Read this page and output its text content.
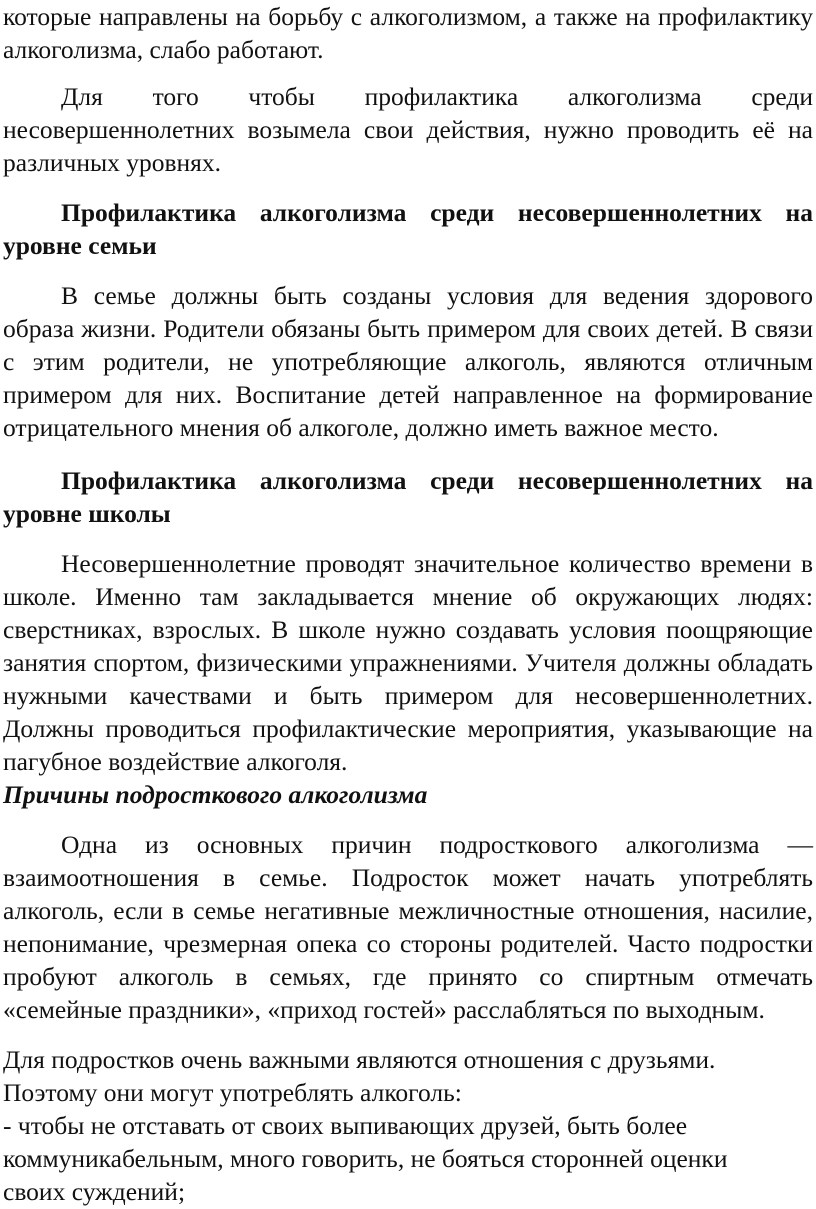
которые направлены на борьбу с алкоголизмом, а также на профилактику алкоголизма, слабо работают.

Для того чтобы профилактика алкоголизма среди несовершеннолетних возымела свои действия, нужно проводить её на различных уровнях.

Профилактика алкоголизма среди несовершеннолетних на уровне семьи

В семье должны быть созданы условия для ведения здорового образа жизни. Родители обязаны быть примером для своих детей. В связи с этим родители, не употребляющие алкоголь, являются отличным примером для них. Воспитание детей направленное на формирование отрицательного мнения об алкоголе, должно иметь важное место.

Профилактика алкоголизма среди несовершеннолетних на уровне школы

Несовершеннолетние проводят значительное количество времени в школе. Именно там закладывается мнение об окружающих людях: сверстниках, взрослых. В школе нужно создавать условия поощряющие занятия спортом, физическими упражнениями. Учителя должны обладать нужными качествами и быть примером для несовершеннолетних. Должны проводиться профилактические мероприятия, указывающие на пагубное воздействие алкоголя.

Причины подросткового алкоголизма

Одна из основных причин подросткового алкоголизма — взаимоотношения в семье. Подросток может начать употреблять алкоголь, если в семье негативные межличностные отношения, насилие, непонимание, чрезмерная опека со стороны родителей. Часто подростки пробуют алкоголь в семьях, где принято со спиртным отмечать «семейные праздники», «приход гостей» расслабляться по выходным.

Для подростков очень важными являются отношения с друзьями.
Поэтому они могут употреблять алкоголь:
- чтобы не отставать от своих выпивающих друзей, быть более
коммуникабельным, много говорить, не бояться сторонней оценки
своих суждений;
